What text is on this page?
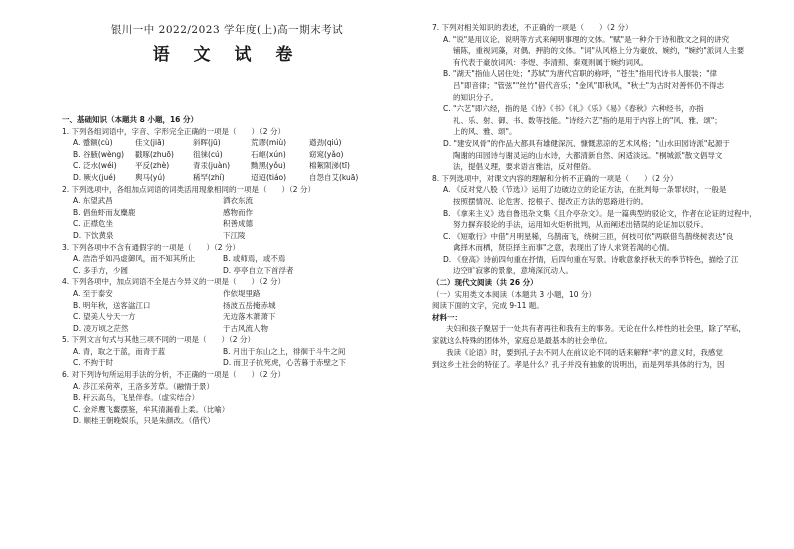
银川一中 2022/2023 学年度(上)高一期末考试
语 文 试 卷
一、基础知识（本题共 8 小题，16 分）
1. 下列各组词语中，字音、字形完全正确的一项是（　　）（2 分）
A. 蹙额(cù)	佳文(jiā)	斜晖(jū)	荒谬(miù)	遒劲(qiú)
B. 谷腋(wèng)	戳啄(zhuō)	徂徕(cú)	石岖(xún)	窈窕(yǎo)
C. 泛水(wéi)	平反(zhè)	青汞(juàn)	黝黑(yǒu)	棉絮陨涕(tī)
D. 厥火(jué)	舆马(yú)	稀罕(zhí)	迢迢(tiáo)	自怨自艾(kuā)
2. 下列选项中，各组加点词语的词类活用现象相同的一项是（　　）（2 分）
A. 东望武昌	洒衣东流
B. 倡鱼虾而友麋鹿	感物而作
C. 正襟危坐	积善成德
D. 下饮黄泉	下江陵
3. 下列各项中不含有通假字的一项是（　　）（2 分）
A. 浩浩乎如冯虚御风，而不知其所止	B. 或师焉，或不焉
C. 多手方，少圆	D. 亭亭自立下首浮者
4. 下列各项中，加点词语不全是古今异义的一项是（　　）（2 分）
A. 至于泰安	作依堤里路
B. 明年秋，送客湓江口	扬波五岳掩赤城
C. 望美人兮天一方	无边落木萧萧下
D. 凌万顷之茫然	于古风流人物
5. 下列文言句式与其他三项不同的一项是（　　）（2 分）
A. 青，取之于蓝，而青于蓝	B. 月出于东山之上，徘徊于斗牛之间
C. 不拘于时	D. 而卫子抗死虎，心苦暮于赤壁之下
6. 对下列诗句所运用手法的分析，不正确的一项是（　　）（2 分）
A. 莎江采荷萃，王洛多芳草。（融情于景）
B. 秆云高乌，飞星伴春。（虚实结合）
C. 金斧鹰飞鳌摆鉴，牟其清漏看上柔。（比喻）
D. 顺桂王朝晚娱乐，只是朱颜改。（借代）
7. 下列对相关知识的表述，不正确的一项是（　　）（2 分）
A. "说"是用议论、说明等方式来阐明事理的文体。"赋"是一种介于诗和散文之间的讲究
铺陈，重视词藻，对偶、押韵的文体。"词"从风格上分为豪放、婉约，"婉约"派词人主要
有代表于豪放词风：李煜、李清照、秦观则属于婉约词风。
B. "湖天"指仙人居住处；"苏轼"为唐代官职的称呼，"苍生"指用代诗书人服装；"律
吕"即音律；"管弦""丝竹"借代音乐；"金风"即秋风，"秋士"为古时对善怀仍不得志
的知识分子。
C. "六艺"即六经，指的是《诗》《书》《礼》《乐》《易》《春秋》六种经书，亦指
礼、乐、射、御、书、数等技能。"诗经六艺"指的是用于内容上的"风、雅、颂"；
上的风、雅、颂"。
D. "建安风骨"的作品大都具有雄健深沉、慷慨悲凉的艺术风格；"山水田园诗派"起源于
陶谢的田园诗与谢灵运的山水诗，大都清新自然、闲适淡远。"桐城派"散文倡导文
法，提倡义理，要求语言雅洁，反对俚俗。
8. 下列选项中，对课文内容的理解和分析不正确的一项是（　　）（2 分）
A. 《反对党八股（节选）》运用了边破边立的论证方法，在批判每一条罪状时，一般是
按照摆情况、论危害、挖根子、提改正方法的思路进行的。
B. 《拿来主义》选自鲁迅杂文集《且介亭杂文》。是一篇典型的驳论文，作者在论证的过程中，
努力摒弃驳论的手法，运用如火炬析批判，从而阐述出错误的论证加以驳斥。
C. 《短歌行》中借"月明星稀，乌鹊南飞，绕树三匝，何枝可依"两联借鸟鹊绕树表达"良
禽择木而栖，贤臣择主而事"之意，表现出了诗人求贤若渴的心情。
D. 《登高》诗前四句重在抒情，后四句重在写景。诗歌意象抒秋天的季节特色，描绘了江
边空旷寂寥的景象，意境深沉动人。
（二）现代文阅读（共 26 分）
（一）实用类文本阅读（本题共 3 小题，10 分）
阅读下面的文字，完成 9-11 题。
材料一：
夫妇和孩子聚居于一处共有者再往和我有主的事务。无论在什么样性的社会里，除了罕私，
家就这么特殊的团体外，家庭总是最基本的社会单位。
我读《论语》时，要到孔子去不同人在前议论不同的话来解释"孝"的意义时，我感觉
到这乡土社会的特征了。孝是什么？孔子并没有抽象的说明出，而是列举具体的行为，因
